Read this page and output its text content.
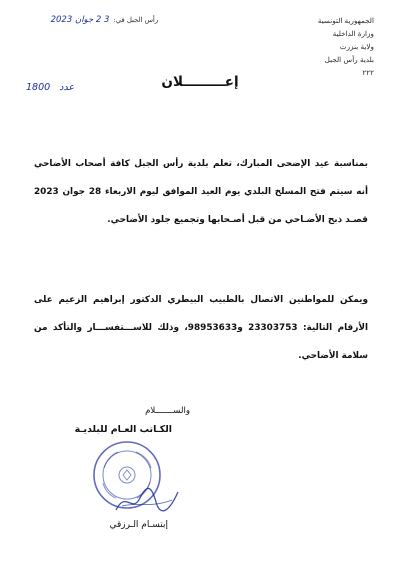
الجمهورية التونسية
وزارة الداخلية
ولاية بنزرت
بلدية رأس الجبل
٢٢٢
رأس الجبل في:
3 2 جوان 2023
عدد 1800	إعـــــــــلان
بمناسبة عيد الإضحى المبارك، تعلم بلدية رأس الجبل كافة أصحاب الأضاحي أنه سيتم فتح المسلخ البلدي يوم العيد الموافق ليوم الاربعاء 28 جوان 2023 قصـد ذبح الأضـاحي من قبل أصـحابها وتجميع جلود الأضاحي.
ويمكن للمواطنين الاتصال بالطبيب البيطري الدكتور إبراهيم الزعيم على الأرقام التالية: 23303753 و98953633، وذلك للاســـتفســـار والتأكد من سلامة الأضاحي.
والســـــــلام
الكـاتب العـام للبلديـة
إبتسـام الـرزقي
